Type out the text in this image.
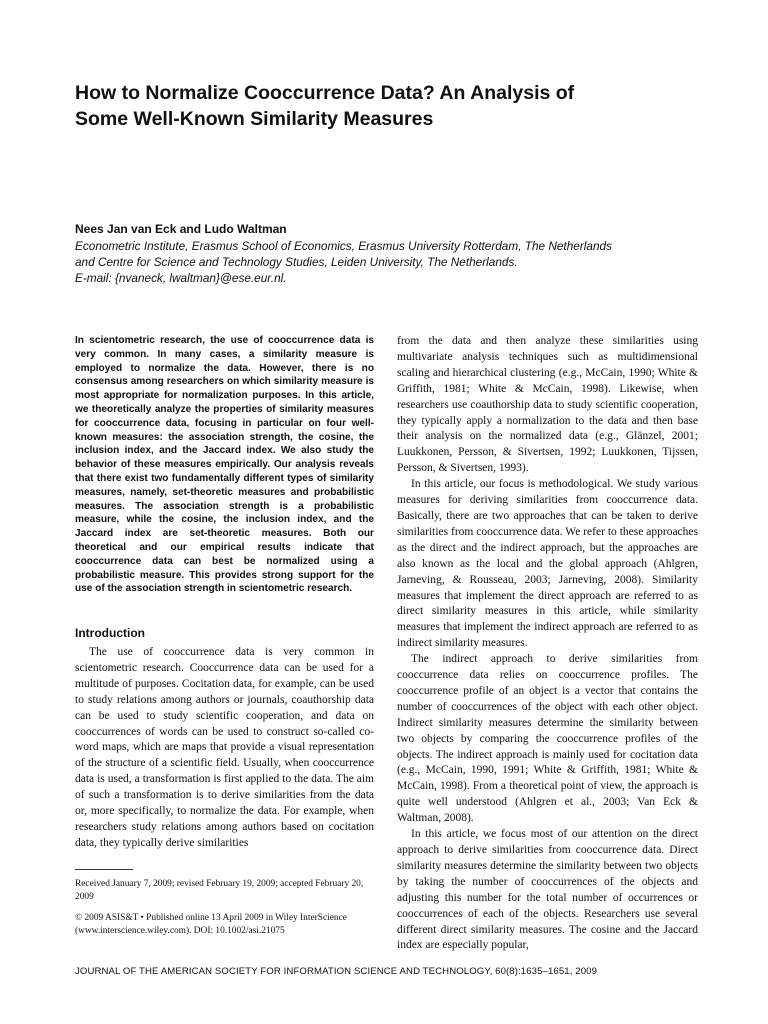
How to Normalize Cooccurrence Data? An Analysis of
Some Well-Known Similarity Measures
Nees Jan van Eck and Ludo Waltman
Econometric Institute, Erasmus School of Economics, Erasmus University Rotterdam, The Netherlands
and Centre for Science and Technology Studies, Leiden University, The Netherlands.
E-mail: {nvaneck, lwaltman}@ese.eur.nl.

In scientometric research, the use of cooccurrence data is very common. In many cases, a similarity measure is employed to normalize the data. However, there is no consensus among researchers on which similarity measure is most appropriate for normalization purposes. In this article, we theoretically analyze the properties of similarity measures for cooccurrence data, focusing in particular on four well-known measures: the association strength, the cosine, the inclusion index, and the Jaccard index. We also study the behavior of these measures empirically. Our analysis reveals that there exist two fundamentally different types of similarity measures, namely, set-theoretic measures and probabilistic measures. The association strength is a probabilistic measure, while the cosine, the inclusion index, and the Jaccard index are set-theoretic measures. Both our theoretical and our empirical results indicate that cooccurrence data can best be normalized using a probabilistic measure. This provides strong support for the use of the association strength in scientometric research.

Introduction

The use of cooccurrence data is very common in scientometric research. Cooccurrence data can be used for a multitude of purposes. Cocitation data, for example, can be used to study relations among authors or journals, coauthorship data can be used to study scientific cooperation, and data on cooccurrences of words can be used to construct so-called co-word maps, which are maps that provide a visual representation of the structure of a scientific field. Usually, when cooccurrence data is used, a transformation is first applied to the data. The aim of such a transformation is to derive similarities from the data or, more specifically, to normalize the data. For example, when researchers study relations among authors based on cocitation data, they typically derive similarities

Received January 7, 2009; revised February 19, 2009; accepted February 20, 2009

© 2009 ASIS&T • Published online 13 April 2009 in Wiley InterScience (www.interscience.wiley.com). DOI: 10.1002/asi.21075

from the data and then analyze these similarities using multivariate analysis techniques such as multidimensional scaling and hierarchical clustering (e.g., McCain, 1990; White & Griffith, 1981; White & McCain, 1998). Likewise, when researchers use coauthorship data to study scientific cooperation, they typically apply a normalization to the data and then base their analysis on the normalized data (e.g., Glänzel, 2001; Luukkonen, Persson, & Sivertsen, 1992; Luukkonen, Tijssen, Persson, & Sivertsen, 1993).

In this article, our focus is methodological. We study various measures for deriving similarities from cooccurrence data. Basically, there are two approaches that can be taken to derive similarities from cooccurrence data. We refer to these approaches as the direct and the indirect approach, but the approaches are also known as the local and the global approach (Ahlgren, Jarneving, & Rousseau, 2003; Jarneving, 2008). Similarity measures that implement the direct approach are referred to as direct similarity measures in this article, while similarity measures that implement the indirect approach are referred to as indirect similarity measures.

The indirect approach to derive similarities from cooccurrence data relies on cooccurrence profiles. The cooccurrence profile of an object is a vector that contains the number of cooccurrences of the object with each other object. Indirect similarity measures determine the similarity between two objects by comparing the cooccurrence profiles of the objects. The indirect approach is mainly used for cocitation data (e.g., McCain, 1990, 1991; White & Griffith, 1981; White & McCain, 1998). From a theoretical point of view, the approach is quite well understood (Ahlgren et al., 2003; Van Eck & Waltman, 2008).

In this article, we focus most of our attention on the direct approach to derive similarities from cooccurrence data. Direct similarity measures determine the similarity between two objects by taking the number of cooccurrences of the objects and adjusting this number for the total number of occurrences or cooccurrences of each of the objects. Researchers use several different direct similarity measures. The cosine and the Jaccard index are especially popular,

JOURNAL OF THE AMERICAN SOCIETY FOR INFORMATION SCIENCE AND TECHNOLOGY, 60(8):1635–1651, 2009
